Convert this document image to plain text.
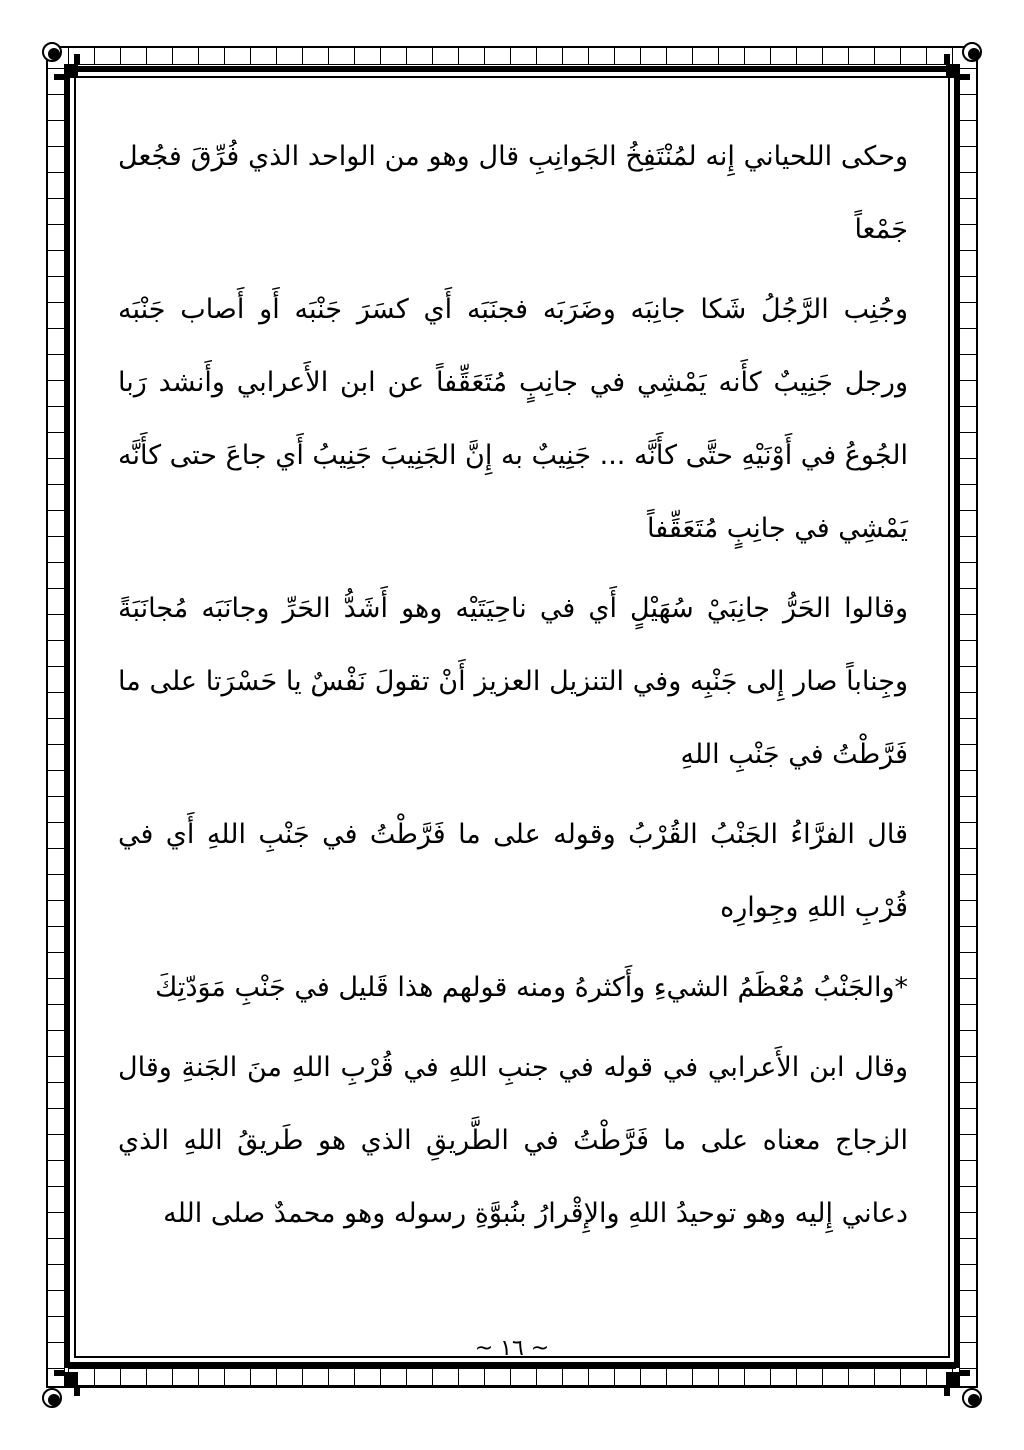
وحكى اللحياني إِنه لمُنْتَفِخُ الجَوانِبِ قال وهو من الواحد الذي فُرِّقَ فجُعل جَمْعاً

وجُنِب الرَّجُلُ شَكا جانِبَه وضَرَبَه فجنَبَه أَي كسَرَ جَنْبَه أَو أَصاب جَنْبَه ورجل جَنِيبٌ كأَنه يَمْشِي في جانِبٍ مُتَعَقِّفاً عن ابن الأَعرابي وأَنشد رَبا الجُوعُ في أَوْنَيْهِ حتَّى كأَنَّه ... جَنِيبٌ به إِنَّ الجَنِيبَ جَنِيبُ أَي جاعَ حتى كأَنَّه يَمْشِي في جانِبٍ مُتَعَقِّفاً

وقالوا الحَرُّ جانِبَيْ سُهَيْلٍ أَي في ناحِيَتَيْه وهو أَشَدُّ الحَرِّ وجانَبَه مُجانَبَةً وجِناباً صار إِلى جَنْبِه وفي التنزيل العزيز أَنْ تقولَ نَفْسٌ يا حَسْرَتا على ما فَرَّطْتُ في جَنْبِ اللهِ

قال الفرَّاءُ الجَنْبُ القُرْبُ وقوله على ما فَرَّطْتُ في جَنْبِ اللهِ أَي في قُرْبِ اللهِ وجِوارِه

*والجَنْبُ مُعْظَمُ الشيءِ وأَكثرهُ ومنه قولهم هذا قَليل في جَنْبِ مَوَدّتِكَ

وقال ابن الأَعرابي في قوله في جنبِ اللهِ في قُرْبِ اللهِ منَ الجَنةِ وقال الزجاج معناه على ما فَرَّطْتُ في الطَّريقِ الذي هو طَريقُ اللهِ الذي دعاني إِليه وهو توحيدُ اللهِ والإِقْرارُ بنُبوَّةِ رسوله وهو محمدٌ صلى الله

~ ١٦ ~
